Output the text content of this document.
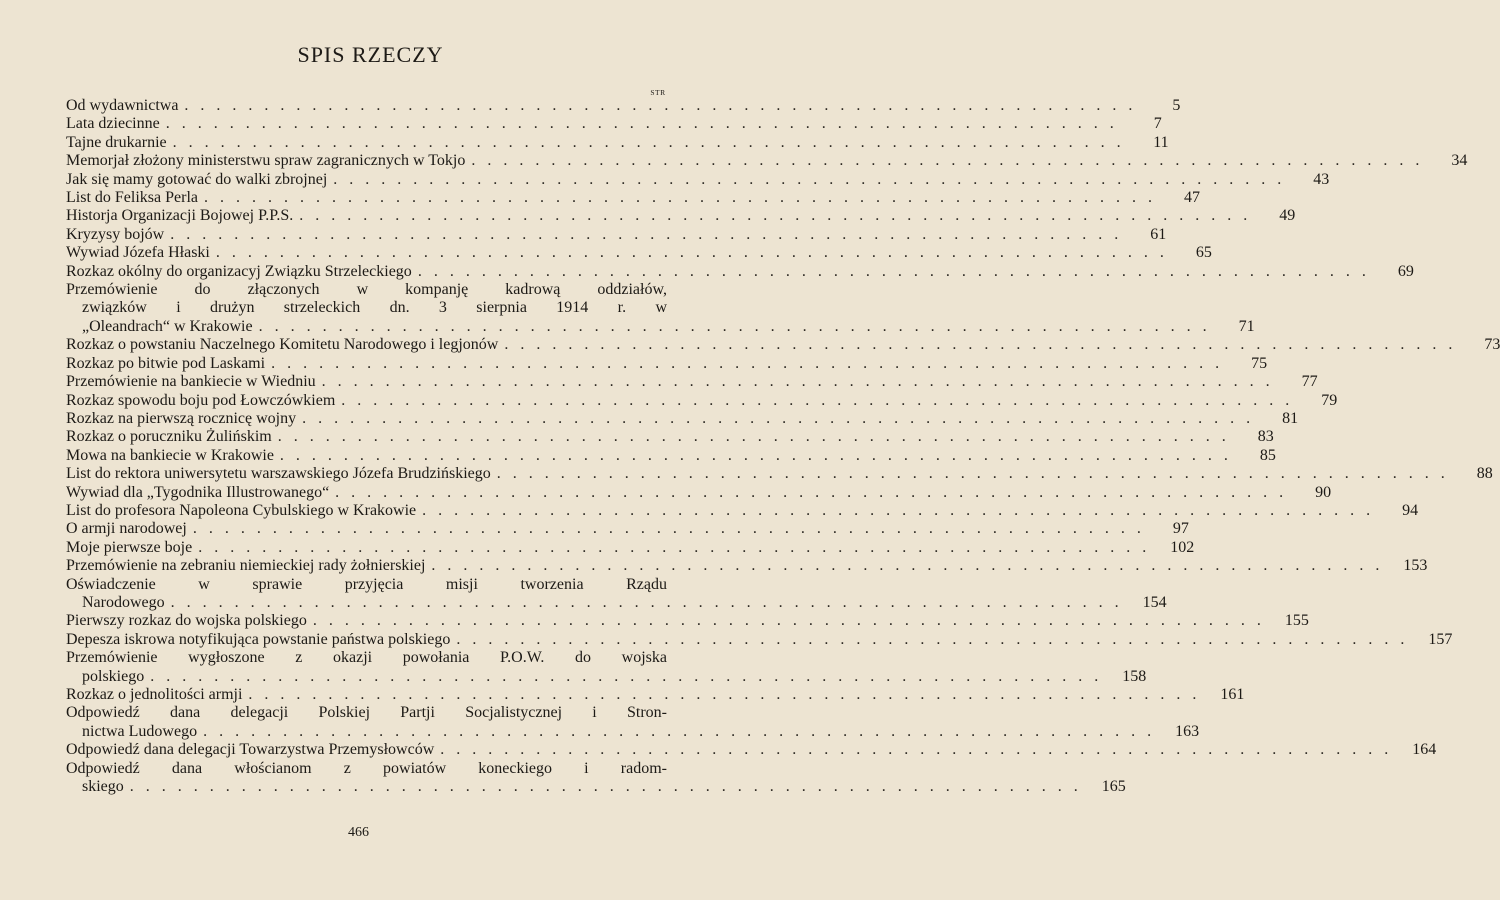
SPIS RZECZY
STR
Od wydawnictwa ............................................................	5
Lata dziecinne ............................................................	7
Tajne drukarnie ............................................................	11
Memorjał złożony ministerstwu spraw zagranicznych w Tokjo ............................................................	34
Jak się mamy gotować do walki zbrojnej ............................................................	43
List do Feliksa Perla ............................................................	47
Historja Organizacji Bojowej P.P.S. ............................................................	49
Kryzysy bojów ............................................................	61
Wywiad Józefa Hłaski ............................................................	65
Rozkaz okólny do organizacyj Związku Strzeleckiego ............................................................	69
Przemówienie do złączonych w kompanję kadrową oddziałów,
związków i drużyn strzeleckich dn. 3 sierpnia 1914 r. w
„Oleandrach“ w Krakowie ............................................................	71
Rozkaz o powstaniu Naczelnego Komitetu Narodowego i legjonów ............................................................	73
Rozkaz po bitwie pod Laskami ............................................................	75
Przemówienie na bankiecie w Wiedniu ............................................................	77
Rozkaz spowodu boju pod Łowczówkiem ............................................................	79
Rozkaz na pierwszą rocznicę wojny ............................................................	81
Rozkaz o poruczniku Żulińskim ............................................................	83
Mowa na bankiecie w Krakowie ............................................................	85
List do rektora uniwersytetu warszawskiego Józefa Brudzińskiego ............................................................	88
Wywiad dla „Tygodnika Illustrowanego“ ............................................................	90
List do profesora Napoleona Cybulskiego w Krakowie ............................................................	94
O armji narodowej ............................................................	97
Moje pierwsze boje ............................................................ 102
Przemówienie na zebraniu niemieckiej rady żołnierskiej ............................................................ 153
Oświadczenie w sprawie przyjęcia misji tworzenia Rządu
Narodowego ............................................................ 154
Pierwszy rozkaz do wojska polskiego ............................................................ 155
Depesza iskrowa notyfikująca powstanie państwa polskiego ............................................................ 157
Przemówienie wygłoszone z okazji powołania P.O.W. do wojska
polskiego ............................................................ 158
Rozkaz o jednolitości armji ............................................................ 161
Odpowiedź dana delegacji Polskiej Partji Socjalistycznej i Stron-
nictwa Ludowego ............................................................ 163
Odpowiedź dana delegacji Towarzystwa Przemysłowców ............................................................ 164
Odpowiedź dana włościanom z powiatów koneckiego i radom-
skiego ............................................................ 165
466
